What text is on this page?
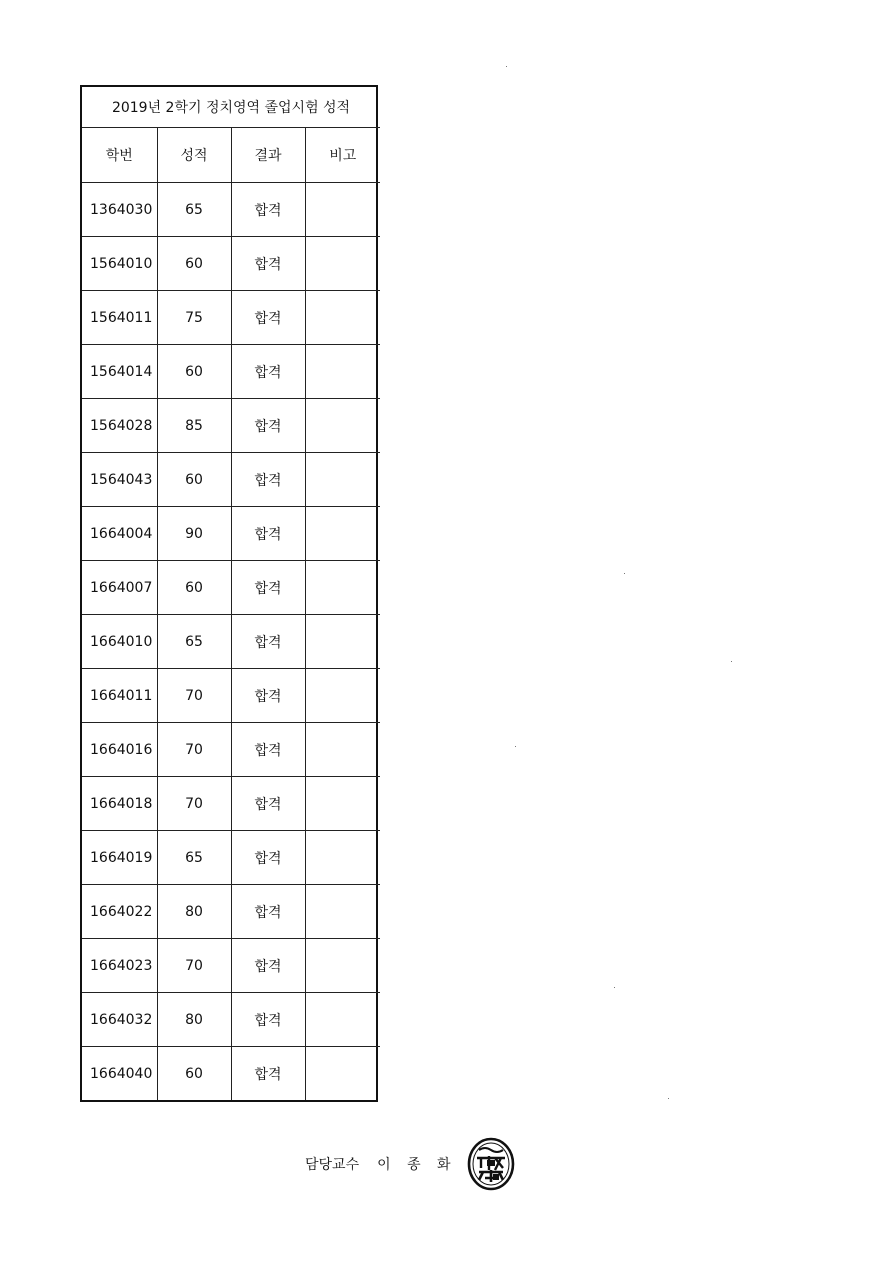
2019년 2학기 정치영역 졸업시험 성적			
학번	성적	결과	비고
1364030	65	합격	
1564010	60	합격	
1564011	75	합격	
1564014	60	합격	
1564028	85	합격	
1564043	60	합격	
1664004	90	합격	
1664007	60	합격	
1664010	65	합격	
1664011	70	합격	
1664016	70	합격	
1664018	70	합격	
1664019	65	합격	
1664022	80	합격	
1664023	70	합격	
1664032	80	합격	
1664040	60	합격	
담당교수 이 종 화
